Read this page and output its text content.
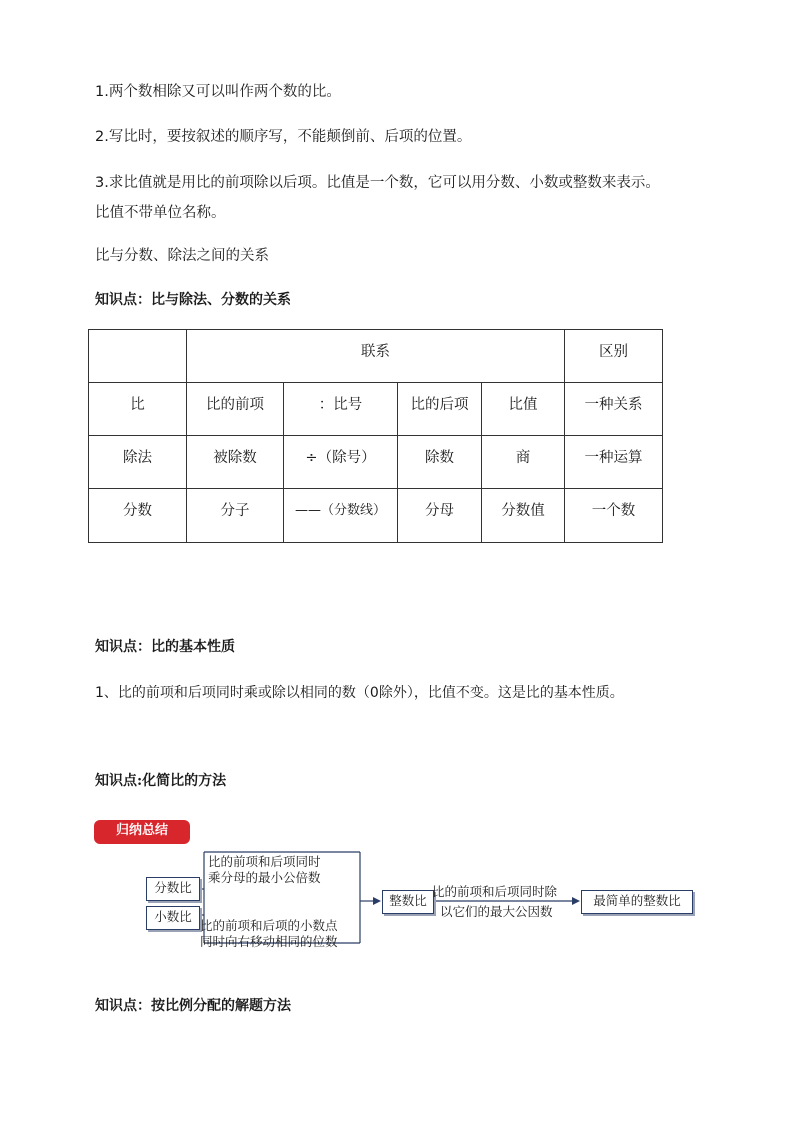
1.两个数相除又可以叫作两个数的比。
2.写比时，要按叙述的顺序写，不能颠倒前、后项的位置。
3.求比值就是用比的前项除以后项。比值是一个数，它可以用分数、小数或整数来表示。
比值不带单位名称。
比与分数、除法之间的关系
知识点：比与除法、分数的关系
	联系				区别
比	比的前项	：比号	比的后项	比值	一种关系
除法	被除数	÷（除号）	除数	商	一种运算
分数	分子	——（分数线）	分母	分数值	一个数
知识点：比的基本性质
1、比的前项和后项同时乘或除以相同的数（0除外），比值不变。这是比的基本性质。
知识点:化简比的方法
归纳总结
分数比
小数比
整数比	最简单的整数比
比的前项和后项同时
乘分母的最小公倍数
比的前项和后项的小数点
同时向右移动相同的位数
比的前项和后项同时除
以它们的最大公因数
知识点：按比例分配的解题方法
